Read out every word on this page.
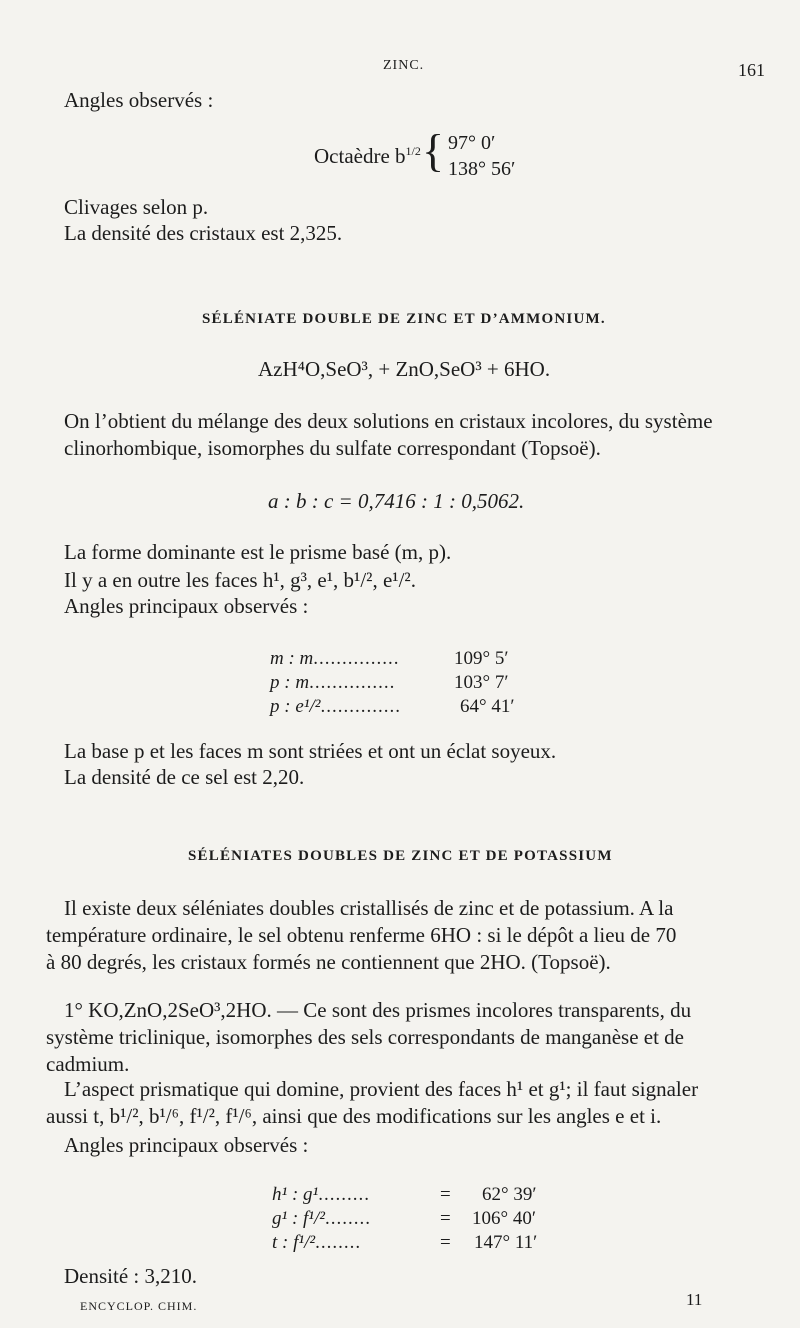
ZINC.	161
Angles observés :
Octaèdre $b^{1/2}$ { 97° 0′
138° 56′
Clivages selon p.
La densité des cristaux est 2,325.
SÉLÉNIATE DOUBLE DE ZINC ET D’AMMONIUM.
AzH⁴O,SeO³, + ZnO,SeO³ + 6HO.
On l’obtient du mélange des deux solutions en cristaux incolores, du système
clinorhombique, isomorphes du sulfate correspondant (Topsoë).
a : b : c = 0,7416 : 1 : 0,5062.
La forme dominante est le prisme basé (m, p).
Il y a en outre les faces h¹, g³, e¹, b¹/², e¹/².
Angles principaux observés :
m : m...............	109° 5′
p : m...............	103° 7′
p : e¹/²..............	64° 41′
La base p et les faces m sont striées et ont un éclat soyeux.
La densité de ce sel est 2,20.
SÉLÉNIATES DOUBLES DE ZINC ET DE POTASSIUM
Il existe deux séléniates doubles cristallisés de zinc et de potassium. A la
température ordinaire, le sel obtenu renferme 6HO : si le dépôt a lieu de 70
à 80 degrés, les cristaux formés ne contiennent que 2HO. (Topsoë).
1° KO,ZnO,2SeO³,2HO. — Ce sont des prismes incolores transparents, du
système triclinique, isomorphes des sels correspondants de manganèse et de
cadmium.
L’aspect prismatique qui domine, provient des faces h¹ et g¹; il faut signaler
aussi t, b¹/², b¹/⁶, f¹/², f¹/⁶, ainsi que des modifications sur les angles e et i.
Angles principaux observés :
h¹ : g¹.........	= 62° 39′
g¹ : f¹/²........	= 106° 40′
t : f¹/²........	= 147° 11′
Densité : 3,210.
ENCYCLOP. CHIM.	11
